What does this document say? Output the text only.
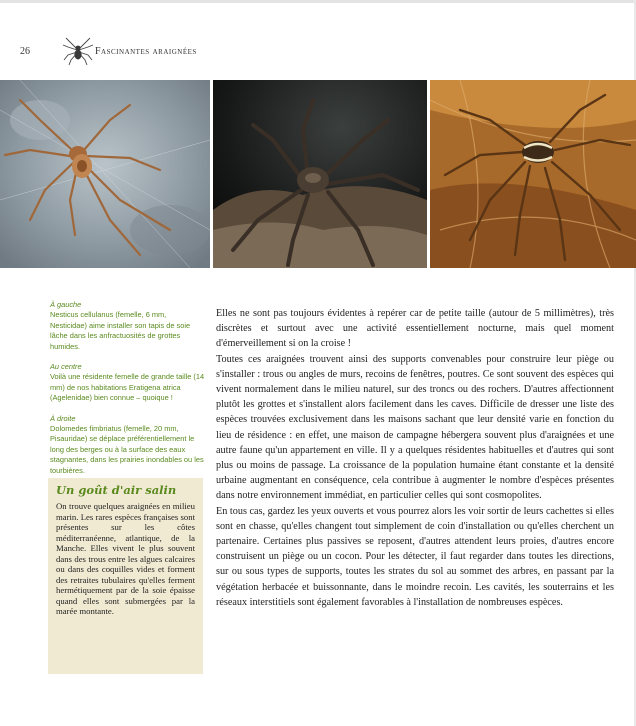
26	Fascinantes araignées
À gauche
Nesticus cellulanus (femelle, 6 mm, Nesticidae) aime installer son tapis de soie lâche dans les anfractuosités de grottes humides.
Au centre
Voilà une résidente femelle de grande taille (14 mm) de nos habitations Eratigena atrica (Agelenidae) bien connue – quoique !
À droite
Dolomedes fimbriatus (femelle, 20 mm, Pisauridae) se déplace préférentiellement le long des berges ou à la surface des eaux stagnantes, dans les prairies inondables ou les tourbières.
Un goût d'air salin
On trouve quelques araignées en milieu marin. Les rares espèces françaises sont présentes sur les côtes méditerranéenne, atlantique, de la Manche. Elles vivent le plus souvent dans des trous entre les algues calcaires ou dans des coquilles vides et forment des retraites tubulaires qu'elles ferment hermétiquement par de la soie épaisse quand elles sont submergées par la marée montante.

Elles ne sont pas toujours évidentes à repérer car de petite taille (autour de 5 millimètres), très discrètes et surtout avec une activité essentiellement nocturne, mais quel moment d'émerveillement si on la croise !

Toutes ces araignées trouvent ainsi des supports convenables pour construire leur piège ou s'installer : trous ou angles de murs, recoins de fenêtres, poutres. Ce sont souvent des espèces qui vivent normalement dans le milieu naturel, sur des troncs ou des rochers. D'autres affectionnent plutôt les grottes et s'installent alors facilement dans les caves. Difficile de dresser une liste des espèces trouvées exclusivement dans les maisons sachant que leur densité varie en fonction du lieu de résidence : en effet, une maison de campagne hébergera souvent plus d'araignées et une autre faune qu'un appartement en ville. Il y a quelques résidentes habituelles et d'autres qui sont plus ou moins de passage. La croissance de la population humaine étant constante et la densité urbaine augmentant en conséquence, cela contribue à augmenter le nombre d'espèces présentes dans notre environnement immédiat, en particulier celles qui sont cosmopolites.

En tous cas, gardez les yeux ouverts et vous pourrez alors les voir sortir de leurs cachettes si elles sont en chasse, qu'elles changent tout simplement de coin d'installation ou qu'elles cherchent un partenaire. Certaines plus passives se reposent, d'autres attendent leurs proies, d'autres encore construisent un piège ou un cocon. Pour les détecter, il faut regarder dans toutes les directions, sur ou sous types de supports, toutes les strates du sol au sommet des arbres, en passant par la végétation herbacée et buissonnante, dans le moindre recoin. Les cavités, les souterrains et les réseaux interstitiels sont également favorables à l'installation de nombreuses espèces.
